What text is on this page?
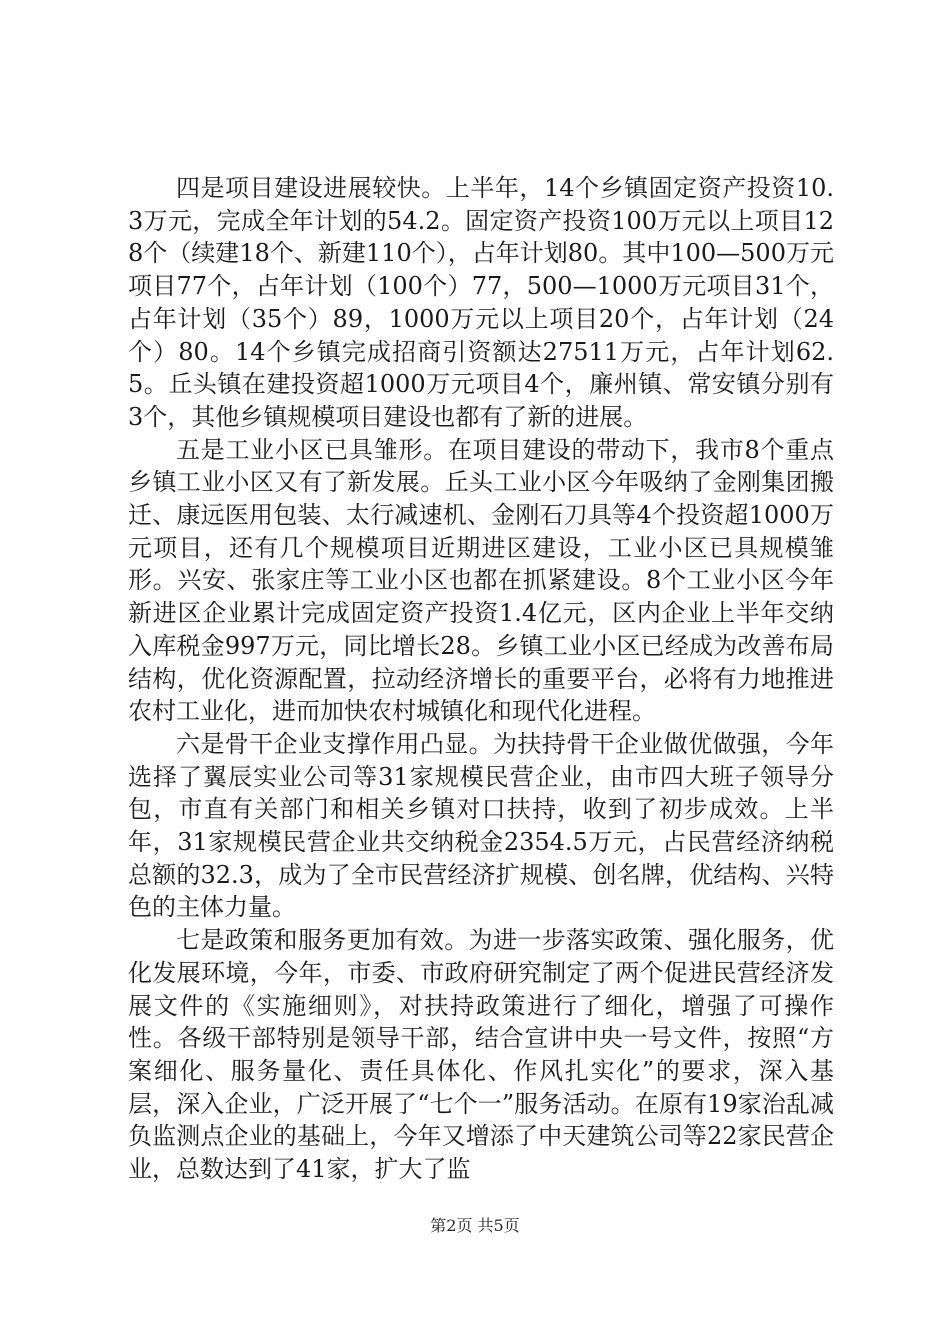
四是项目建设进展较快。上半年，14个乡镇固定资产投资10.3万元，完成全年计划的54.2。固定资产投资100万元以上项目128个（续建18个、新建110个），占年计划80。其中100—500万元项目77个，占年计划（100个）77，500—1000万元项目31个，占年计划（35个）89，1000万元以上项目20个，占年计划（24个）80。14个乡镇完成招商引资额达27511万元，占年计划62.5。丘头镇在建投资超1000万元项目4个，廉州镇、常安镇分别有3个，其他乡镇规模项目建设也都有了新的进展。

五是工业小区已具雏形。在项目建设的带动下，我市8个重点乡镇工业小区又有了新发展。丘头工业小区今年吸纳了金刚集团搬迁、康远医用包装、太行减速机、金刚石刀具等4个投资超1000万元项目，还有几个规模项目近期进区建设，工业小区已具规模雏形。兴安、张家庄等工业小区也都在抓紧建设。8个工业小区今年新进区企业累计完成固定资产投资1.4亿元，区内企业上半年交纳入库税金997万元，同比增长28。乡镇工业小区已经成为改善布局结构，优化资源配置，拉动经济增长的重要平台，必将有力地推进农村工业化，进而加快农村城镇化和现代化进程。

六是骨干企业支撑作用凸显。为扶持骨干企业做优做强，今年选择了翼辰实业公司等31家规模民营企业，由市四大班子领导分包，市直有关部门和相关乡镇对口扶持，收到了初步成效。上半年，31家规模民营企业共交纳税金2354.5万元，占民营经济纳税总额的32.3，成为了全市民营经济扩规模、创名牌，优结构、兴特色的主体力量。

七是政策和服务更加有效。为进一步落实政策、强化服务，优化发展环境，今年，市委、市政府研究制定了两个促进民营经济发展文件的《实施细则》，对扶持政策进行了细化，增强了可操作性。各级干部特别是领导干部，结合宣讲中央一号文件，按照“方案细化、服务量化、责任具体化、作风扎实化”的要求，深入基层，深入企业，广泛开展了“七个一”服务活动。在原有19家治乱减负监测点企业的基础上，今年又增添了中天建筑公司等22家民营企业，总数达到了41家，扩大了监

第2页 共5页
